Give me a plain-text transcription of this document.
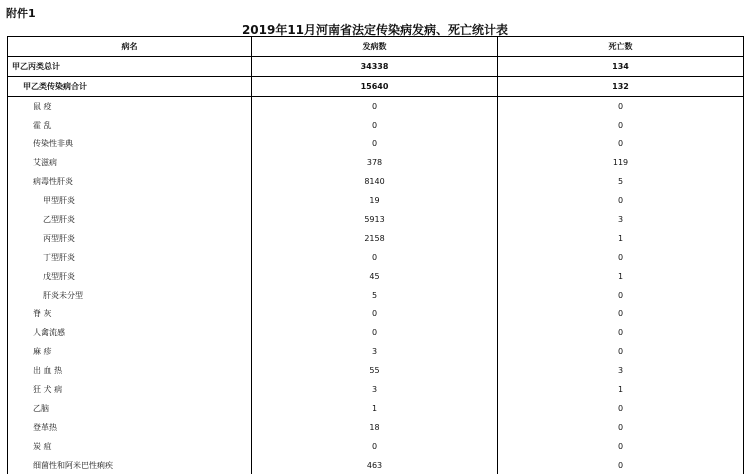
附件1
2019年11月河南省法定传染病发病、死亡统计表
病名	发病数	死亡数
甲乙丙类总计	34338	134
甲乙类传染病合计	15640	132
鼠 疫	0	0
霍 乱	0	0
传染性非典	0	0
艾滋病	378	119
病毒性肝炎	8140	5
甲型肝炎	19	0
乙型肝炎	5913	3
丙型肝炎	2158	1
丁型肝炎	0	0
戊型肝炎	45	1
肝炎未分型	5	0
脊 灰	0	0
人禽流感	0	0
麻 疹	3	0
出 血 热	55	3
狂 犬 病	3	1
乙脑	1	0
登革热	18	0
炭 疽	0	0
细菌性和阿米巴性痢疾	463	0
